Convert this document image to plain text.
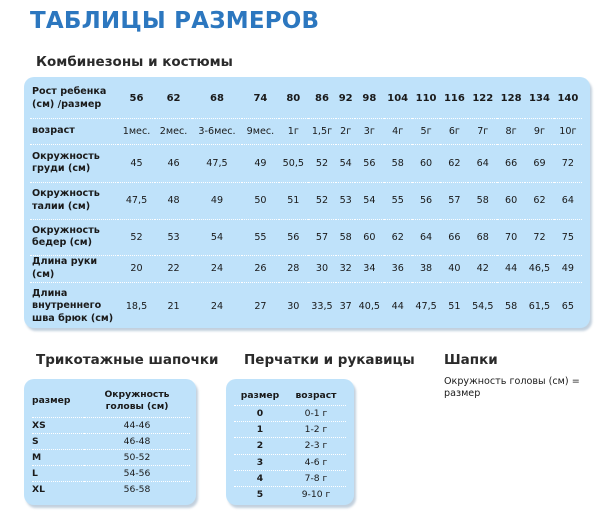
ТАБЛИЦЫ РАЗМЕРОВ
Комбинезоны и костюмы
Рост ребенка (см) /размер	56	62	68	74	80	86	92	98	104	110	116	122	128	134	140
возраст	1мес.	2мес.	3-6мес.	9мес.	1г	1,5г	2г	3г	4г	5г	6г	7г	8г	9г	10г
Окружность груди (см)	45	46	47,5	49	50,5	52	54	56	58	60	62	64	66	69	72
Окружность талии (см)	47,5	48	49	50	51	52	53	54	55	56	57	58	60	62	64
Окружность бедер (см)	52	53	54	55	56	57	58	60	62	64	66	68	70	72	75
Длина руки (см)	20	22	24	26	28	30	32	34	36	38	40	42	44	46,5	49
Длина внутреннего шва брюк (см)	18,5	21	24	27	30	33,5	37	40,5	44	47,5	51	54,5	58	61,5	65
Трикотажные шапочки
размер	Окружность головы (см)
XS	44-46
S	46-48
M	50-52
L	54-56
XL	56-58
Перчатки и рукавицы
размер	возраст
0	0-1 г
1	1-2 г
2	2-3 г
3	4-6 г
4	7-8 г
5	9-10 г
Шапки
Окружность головы (см) = размер
